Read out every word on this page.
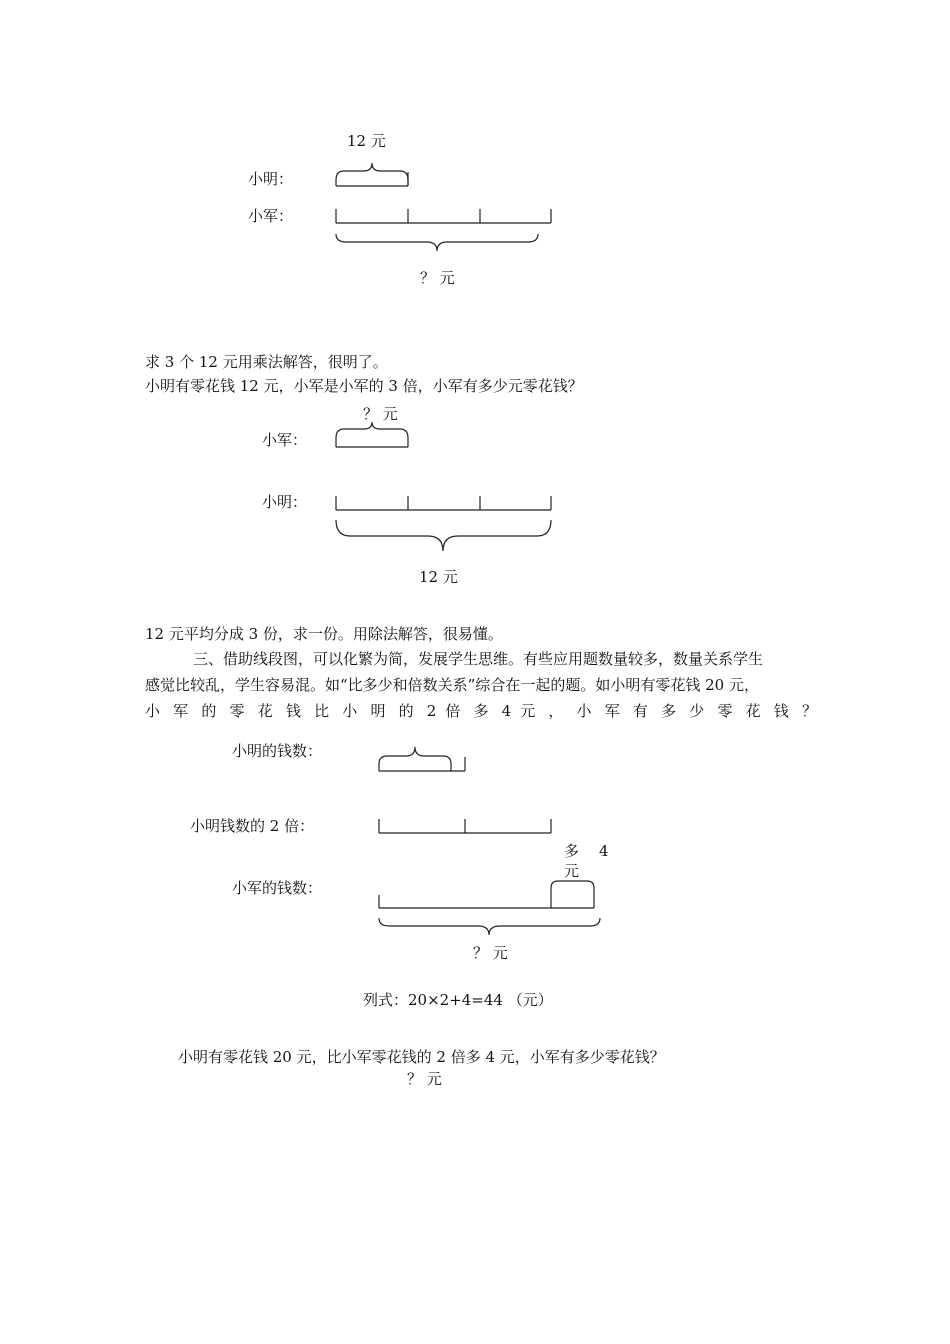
12 元
小明：
小军：
？ 元
求 3 个 12 元用乘法解答，很明了。
小明有零花钱 12 元，小军是小军的 3 倍，小军有多少元零花钱？
？ 元
小军：
小明：
12 元
12 元平均分成 3 份，求一份。用除法解答，很易懂。

三、借助线段图，可以化繁为简，发展学生思维。有些应用题数量较多，数量关系学生

感觉比较乱，学生容易混。如“比多少和倍数关系”综合在一起的题。如小明有零花钱 20 元，

小 军 的 零 花 钱 比 小 明 的 2 倍 多 4 元 ， 小 军 有 多 少 零 花 钱 ？

小明的钱数：
小明钱数的 2 倍：
小军的钱数：
多 4
元
？ 元
列式：20×2+4=44 （元）
小明有零花钱 20 元，比小军零花钱的 2 倍多 4 元，小军有多少零花钱？
？ 元
